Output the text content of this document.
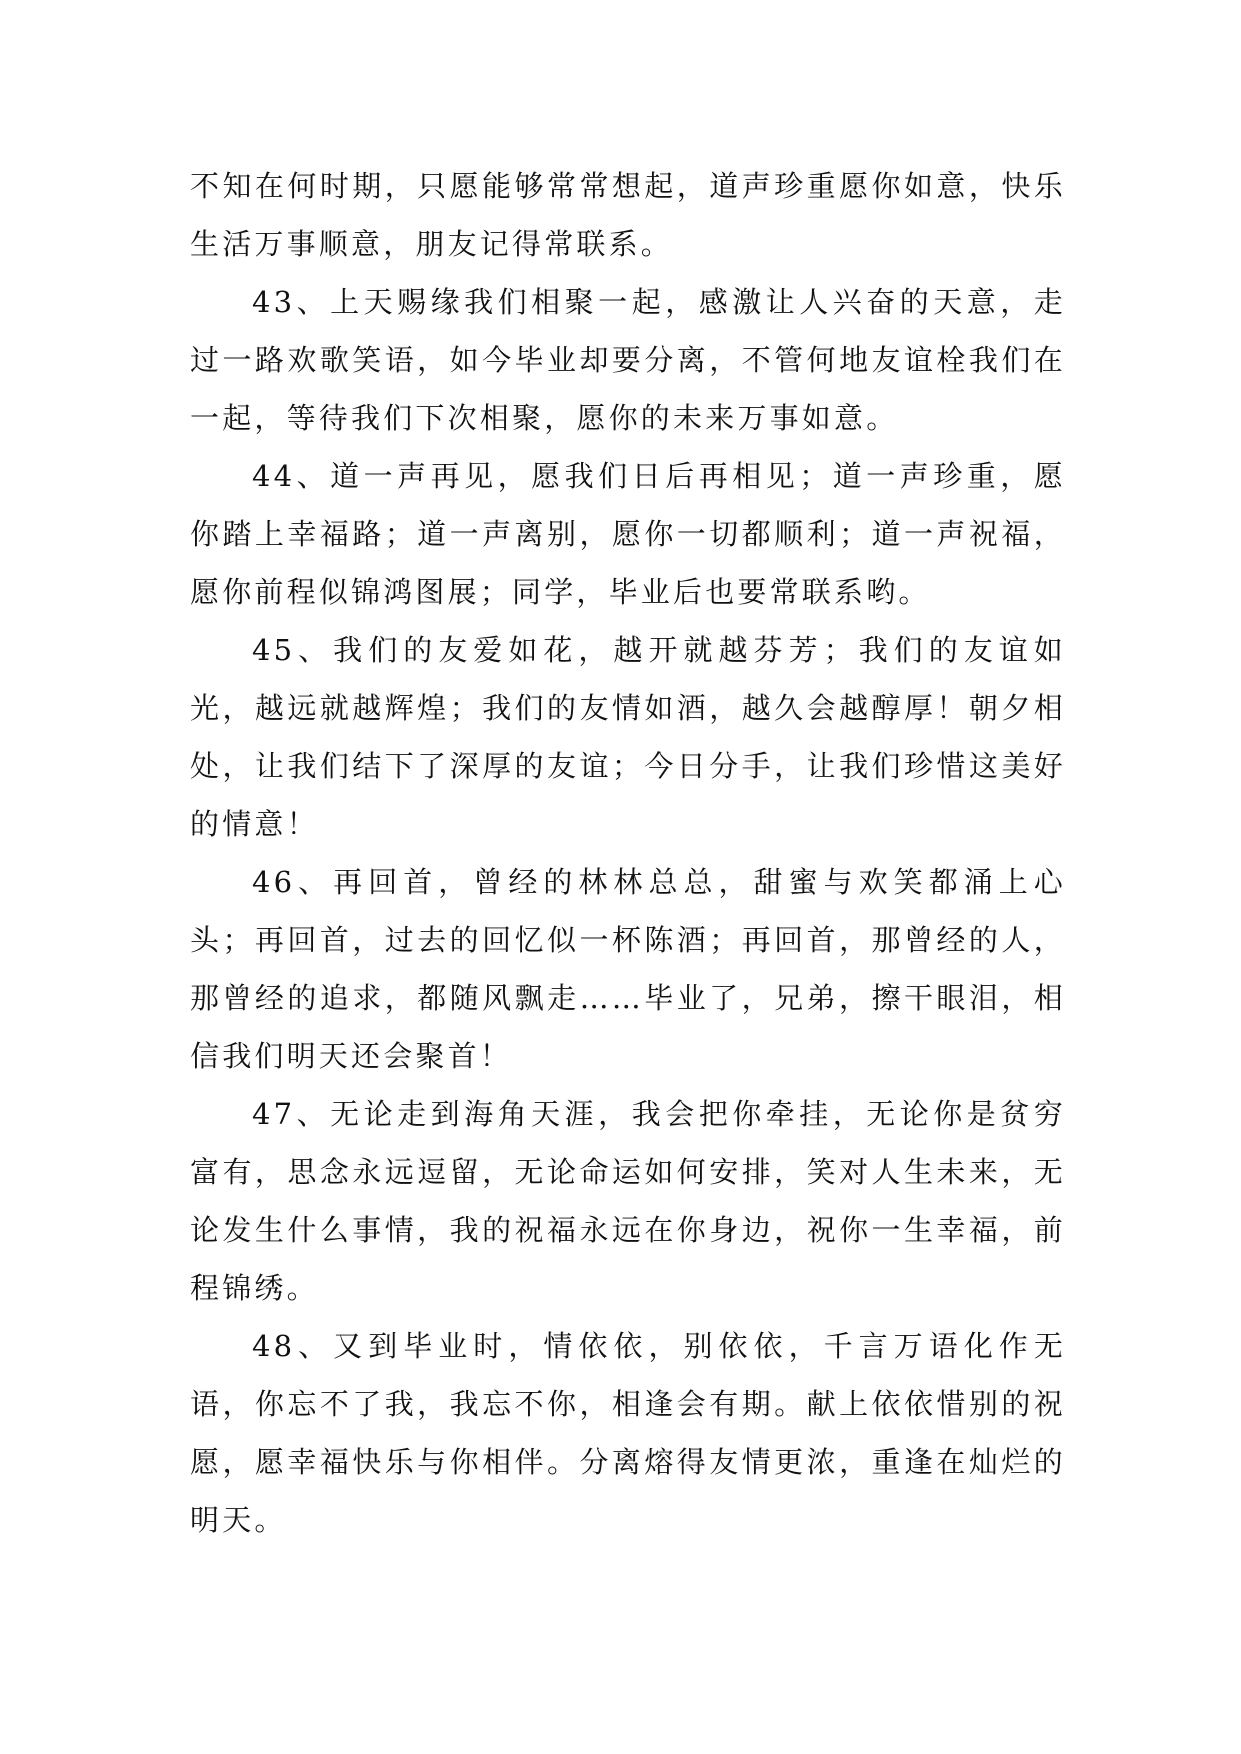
不知在何时期，只愿能够常常想起，道声珍重愿你如意，快乐生活万事顺意，朋友记得常联系。

43、上天赐缘我们相聚一起，感激让人兴奋的天意，走过一路欢歌笑语，如今毕业却要分离，不管何地友谊栓我们在一起，等待我们下次相聚，愿你的未来万事如意。

44、道一声再见，愿我们日后再相见；道一声珍重，愿你踏上幸福路；道一声离别，愿你一切都顺利；道一声祝福，愿你前程似锦鸿图展；同学，毕业后也要常联系哟。

45、我们的友爱如花，越开就越芬芳；我们的友谊如光，越远就越辉煌；我们的友情如酒，越久会越醇厚！朝夕相处，让我们结下了深厚的友谊；今日分手，让我们珍惜这美好的情意！

46、再回首，曾经的林林总总，甜蜜与欢笑都涌上心头；再回首，过去的回忆似一杯陈酒；再回首，那曾经的人，那曾经的追求，都随风飘走……毕业了，兄弟，擦干眼泪，相信我们明天还会聚首！

47、无论走到海角天涯，我会把你牵挂，无论你是贫穷富有，思念永远逗留，无论命运如何安排，笑对人生未来，无论发生什么事情，我的祝福永远在你身边，祝你一生幸福，前程锦绣。

48、又到毕业时，情依依，别依依，千言万语化作无语，你忘不了我，我忘不你，相逢会有期。献上依依惜别的祝愿，愿幸福快乐与你相伴。分离熔得友情更浓，重逢在灿烂的明天。
